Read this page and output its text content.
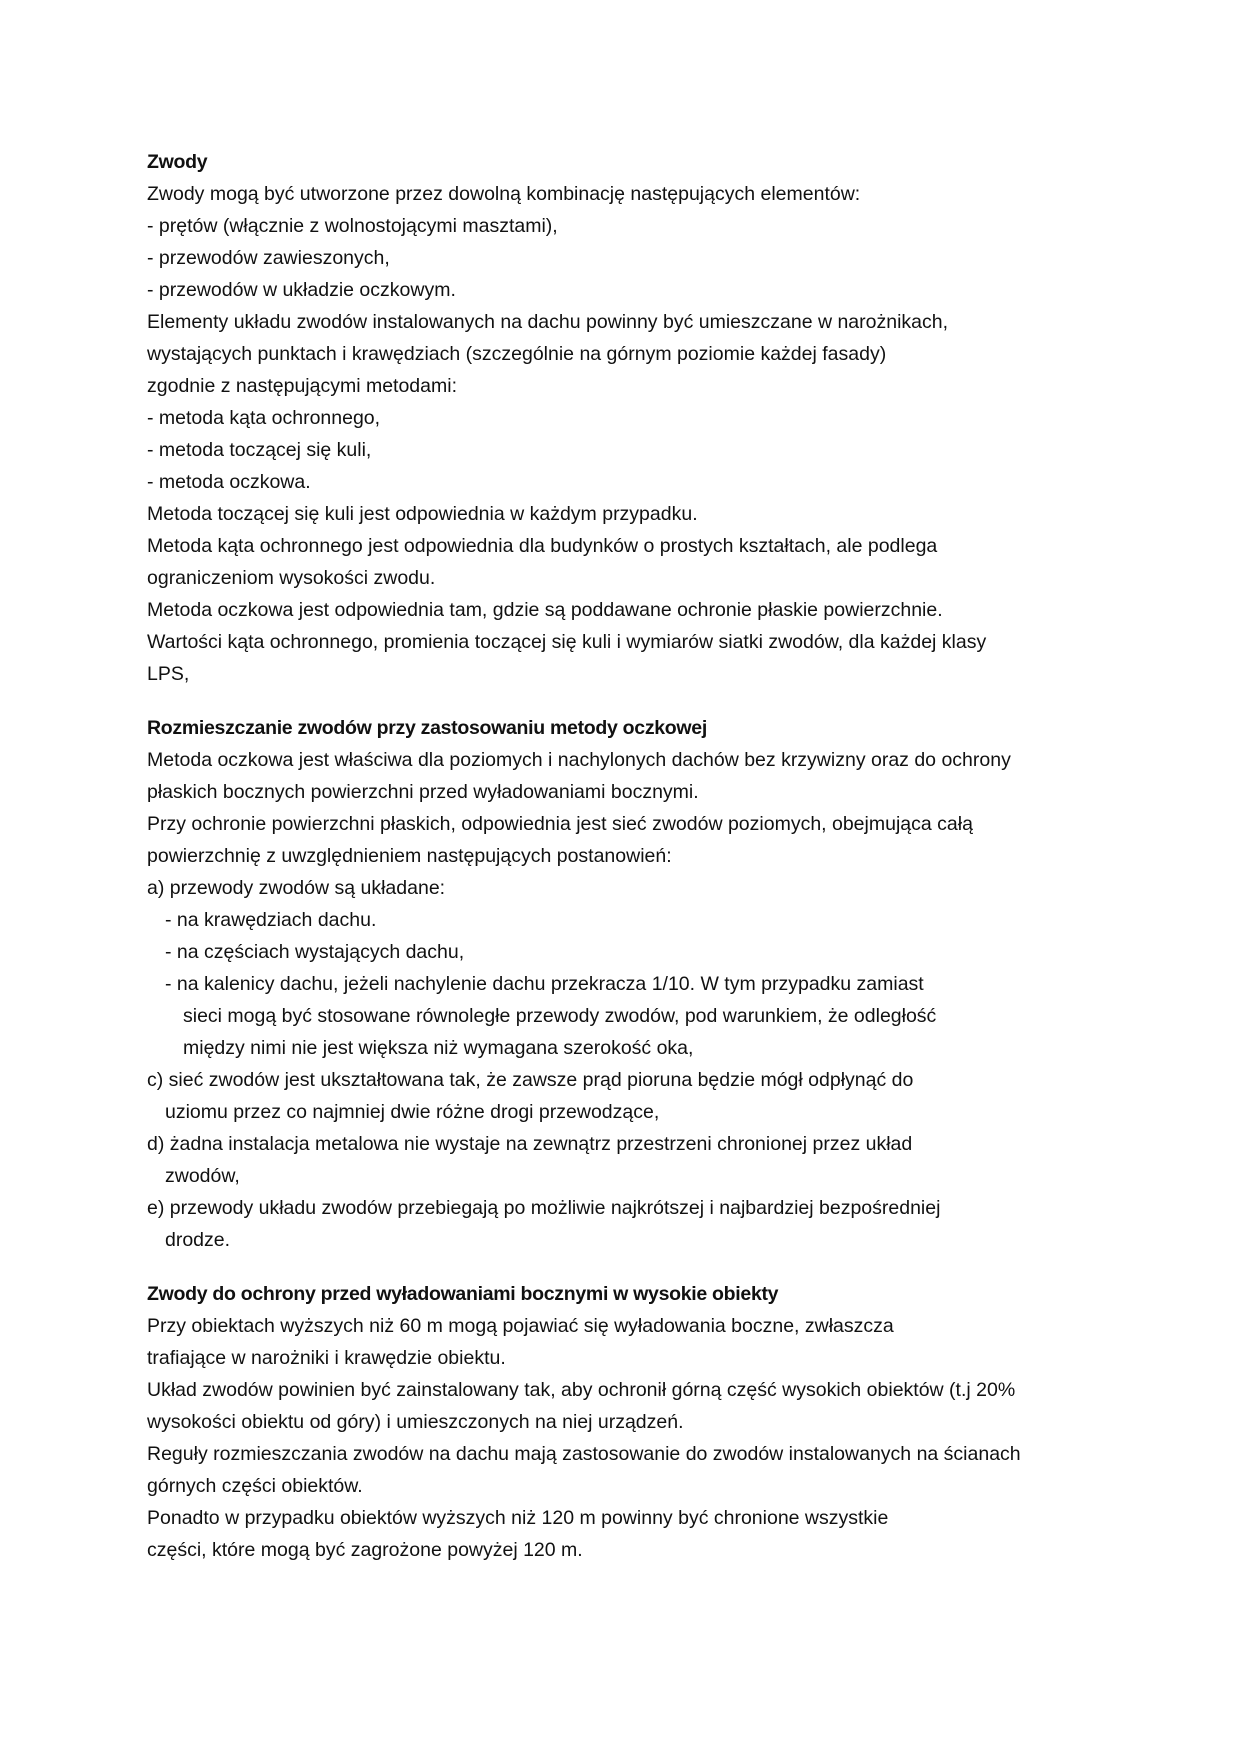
Zwody
Zwody mogą być utworzone przez dowolną kombinację następujących elementów:
- prętów (włącznie z wolnostojącymi masztami),
- przewodów zawieszonych,
- przewodów w układzie oczkowym.
Elementy układu zwodów instalowanych na dachu powinny być umieszczane w narożnikach,
wystających punktach i krawędziach (szczególnie na górnym poziomie każdej fasady)
zgodnie z następującymi metodami:
- metoda kąta ochronnego,
- metoda toczącej się kuli,
- metoda oczkowa.
Metoda toczącej się kuli jest odpowiednia w każdym przypadku.
Metoda kąta ochronnego jest odpowiednia dla budynków o prostych kształtach, ale podlega
ograniczeniom wysokości zwodu.
Metoda oczkowa jest odpowiednia tam, gdzie są poddawane ochronie płaskie powierzchnie.
Wartości kąta ochronnego, promienia toczącej się kuli i wymiarów siatki zwodów, dla każdej klasy
LPS,
Rozmieszczanie zwodów przy zastosowaniu metody oczkowej
Metoda oczkowa jest właściwa dla poziomych i nachylonych dachów bez krzywizny oraz do ochrony
płaskich bocznych powierzchni przed wyładowaniami bocznymi.
Przy ochronie powierzchni płaskich, odpowiednia jest sieć zwodów poziomych, obejmująca całą
powierzchnię z uwzględnieniem następujących postanowień:
a) przewody zwodów są układane:
- na krawędziach dachu.
- na częściach wystających dachu,
- na kalenicy dachu, jeżeli nachylenie dachu przekracza 1/10. W tym przypadku zamiast
sieci mogą być stosowane równoległe przewody zwodów, pod warunkiem, że odległość
między nimi nie jest większa niż wymagana szerokość oka,
c) sieć zwodów jest ukształtowana tak, że zawsze prąd pioruna będzie mógł odpłynąć do
uziomu przez co najmniej dwie różne drogi przewodzące,
d) żadna instalacja metalowa nie wystaje na zewnątrz przestrzeni chronionej przez układ
zwodów,
e) przewody układu zwodów przebiegają po możliwie najkrótszej i najbardziej bezpośredniej
drodze.
Zwody do ochrony przed wyładowaniami bocznymi w wysokie obiekty
Przy obiektach wyższych niż 60 m mogą pojawiać się wyładowania boczne, zwłaszcza
trafiające w narożniki i krawędzie obiektu.
Układ zwodów powinien być zainstalowany tak, aby ochronił górną część wysokich obiektów (t.j 20%
wysokości obiektu od góry) i umieszczonych na niej urządzeń.
Reguły rozmieszczania zwodów na dachu mają zastosowanie do zwodów instalowanych na ścianach
górnych części obiektów.
Ponadto w przypadku obiektów wyższych niż 120 m powinny być chronione wszystkie
części, które mogą być zagrożone powyżej 120 m.
